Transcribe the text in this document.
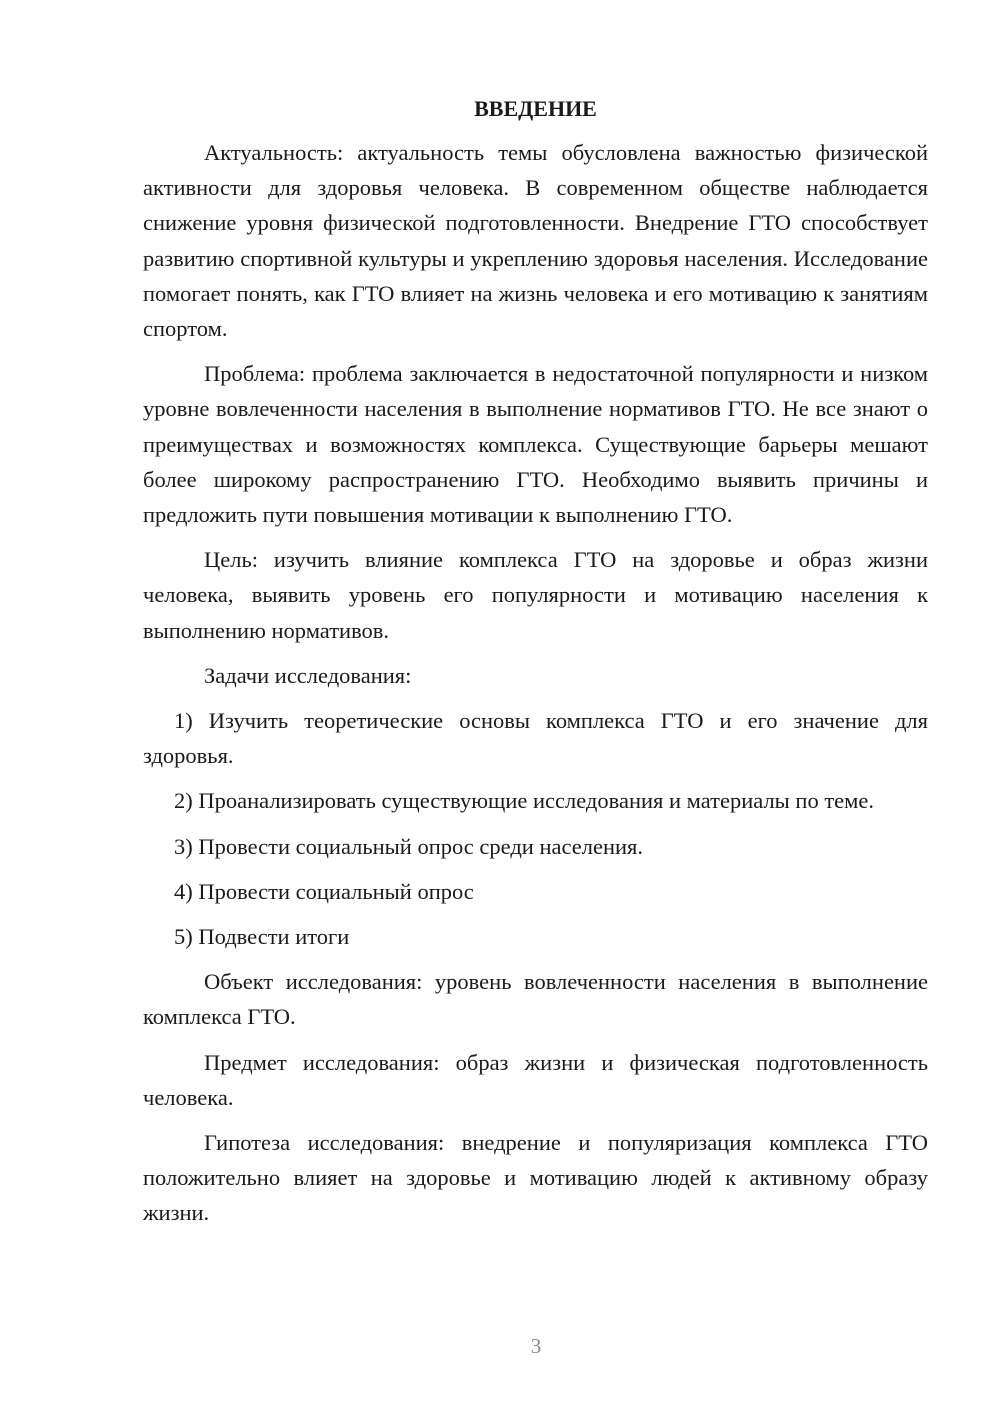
ВВЕДЕНИЕ

Актуальность: актуальность темы обусловлена важностью физической активности для здоровья человека. В современном обществе наблюдается снижение уровня физической подготовленности. Внедрение ГТО способствует развитию спортивной культуры и укреплению здоровья населения. Исследование помогает понять, как ГТО влияет на жизнь человека и его мотивацию к занятиям спортом.

Проблема: проблема заключается в недостаточной популярности и низком уровне вовлеченности населения в выполнение нормативов ГТО. Не все знают о преимуществах и возможностях комплекса. Существующие барьеры мешают более широкому распространению ГТО. Необходимо выявить причины и предложить пути повышения мотивации к выполнению ГТО.

Цель: изучить влияние комплекса ГТО на здоровье и образ жизни человека, выявить уровень его популярности и мотивацию населения к выполнению нормативов.

Задачи исследования:

1) Изучить теоретические основы комплекса ГТО и его значение для здоровья.

2) Проанализировать существующие исследования и материалы по теме.

3) Провести социальный опрос среди населения.

4) Провести социальный опрос

5) Подвести итоги

Объект исследования: уровень вовлеченности населения в выполнение комплекса ГТО.

Предмет исследования: образ жизни и физическая подготовленность человека.

Гипотеза исследования: внедрение и популяризация комплекса ГТО положительно влияет на здоровье и мотивацию людей к активному образу жизни.

3
